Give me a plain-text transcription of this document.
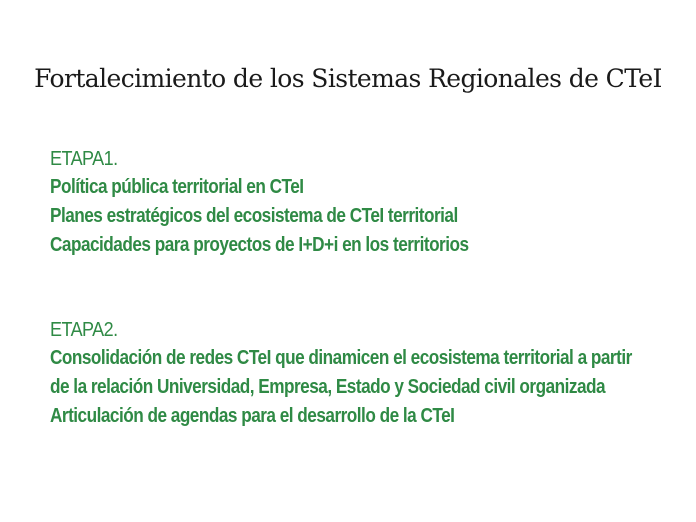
Fortalecimiento de los Sistemas Regionales de CTeI
ETAPA1.
Política pública territorial en CTeI
Planes estratégicos del ecosistema de CTeI territorial
Capacidades para proyectos de I+D+i en los territorios
ETAPA2.
Consolidación de redes CTeI que dinamicen el ecosistema territorial a partir
de la relación Universidad, Empresa, Estado y Sociedad civil organizada
Articulación de agendas para el desarrollo de la CTeI
